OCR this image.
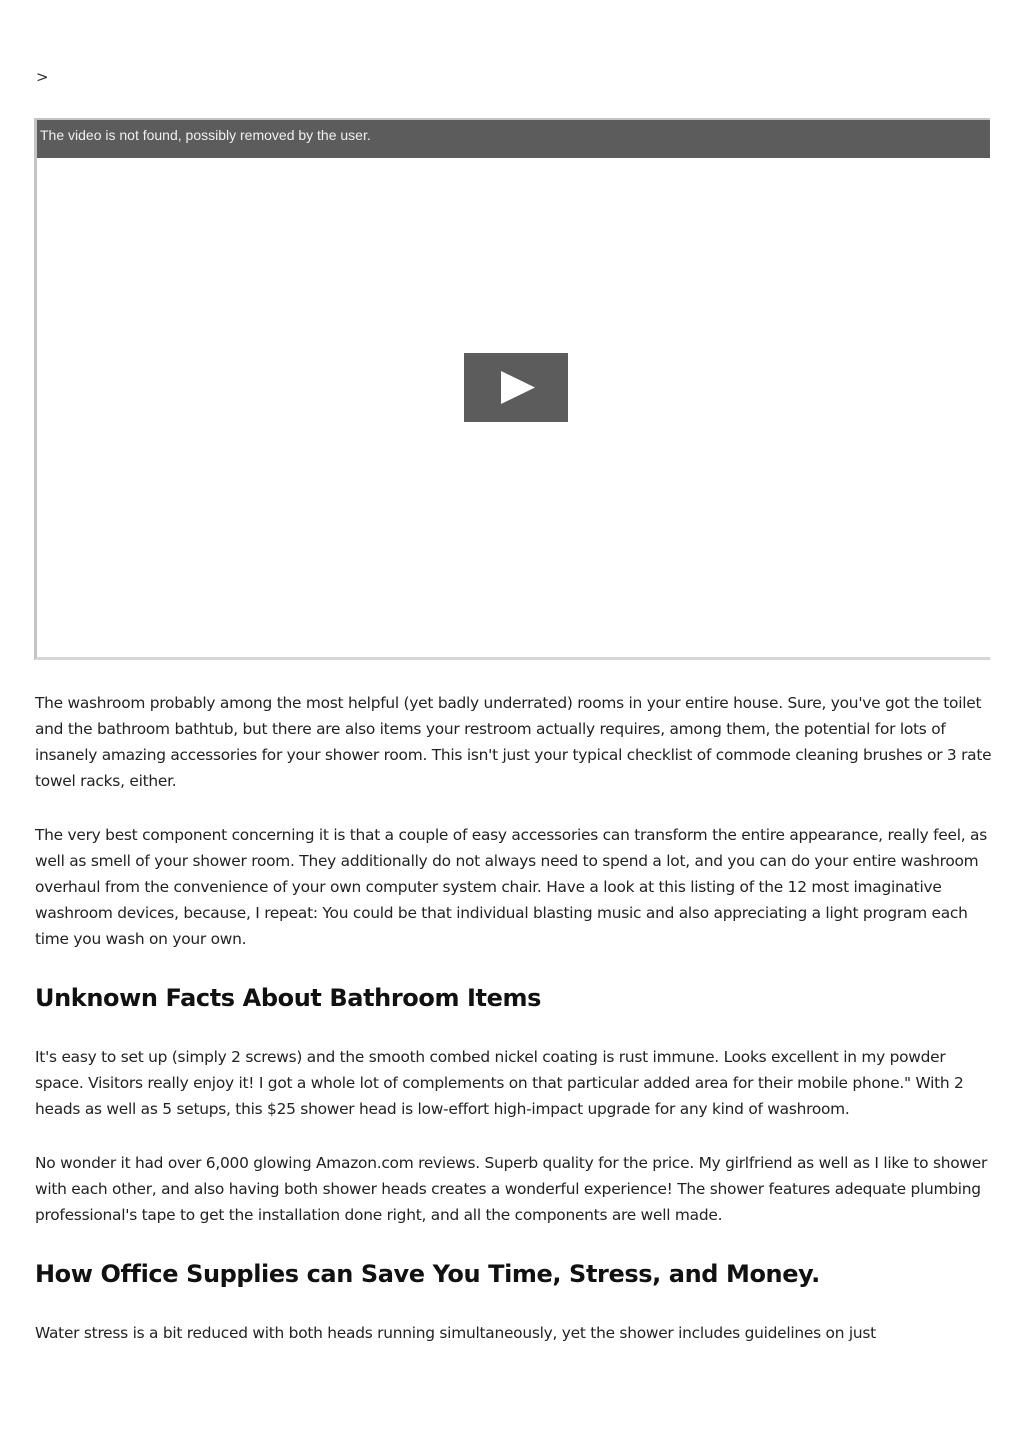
>
The video is not found, possibly removed by the user.

The washroom probably among the most helpful (yet badly underrated) rooms in your entire house. Sure, you've got the toilet and the bathroom bathtub, but there are also items your restroom actually requires, among them, the potential for lots of insanely amazing accessories for your shower room. This isn't just your typical checklist of commode cleaning brushes or 3 rate towel racks, either.

The very best component concerning it is that a couple of easy accessories can transform the entire appearance, really feel, as well as smell of your shower room. They additionally do not always need to spend a lot, and you can do your entire washroom overhaul from the convenience of your own computer system chair. Have a look at this listing of the 12 most imaginative washroom devices, because, I repeat: You could be that individual blasting music and also appreciating a light program each time you wash on your own.

Unknown Facts About Bathroom Items

It's easy to set up (simply 2 screws) and the smooth combed nickel coating is rust immune. Looks excellent in my powder space. Visitors really enjoy it! I got a whole lot of complements on that particular added area for their mobile phone." With 2 heads as well as 5 setups, this $25 shower head is low-effort high-impact upgrade for any kind of washroom.

No wonder it had over 6,000 glowing Amazon.com reviews. Superb quality for the price. My girlfriend as well as I like to shower with each other, and also having both shower heads creates a wonderful experience! The shower features adequate plumbing professional's tape to get the installation done right, and all the components are well made.

How Office Supplies can Save You Time, Stress, and Money.

Water stress is a bit reduced with both heads running simultaneously, yet the shower includes guidelines on just
